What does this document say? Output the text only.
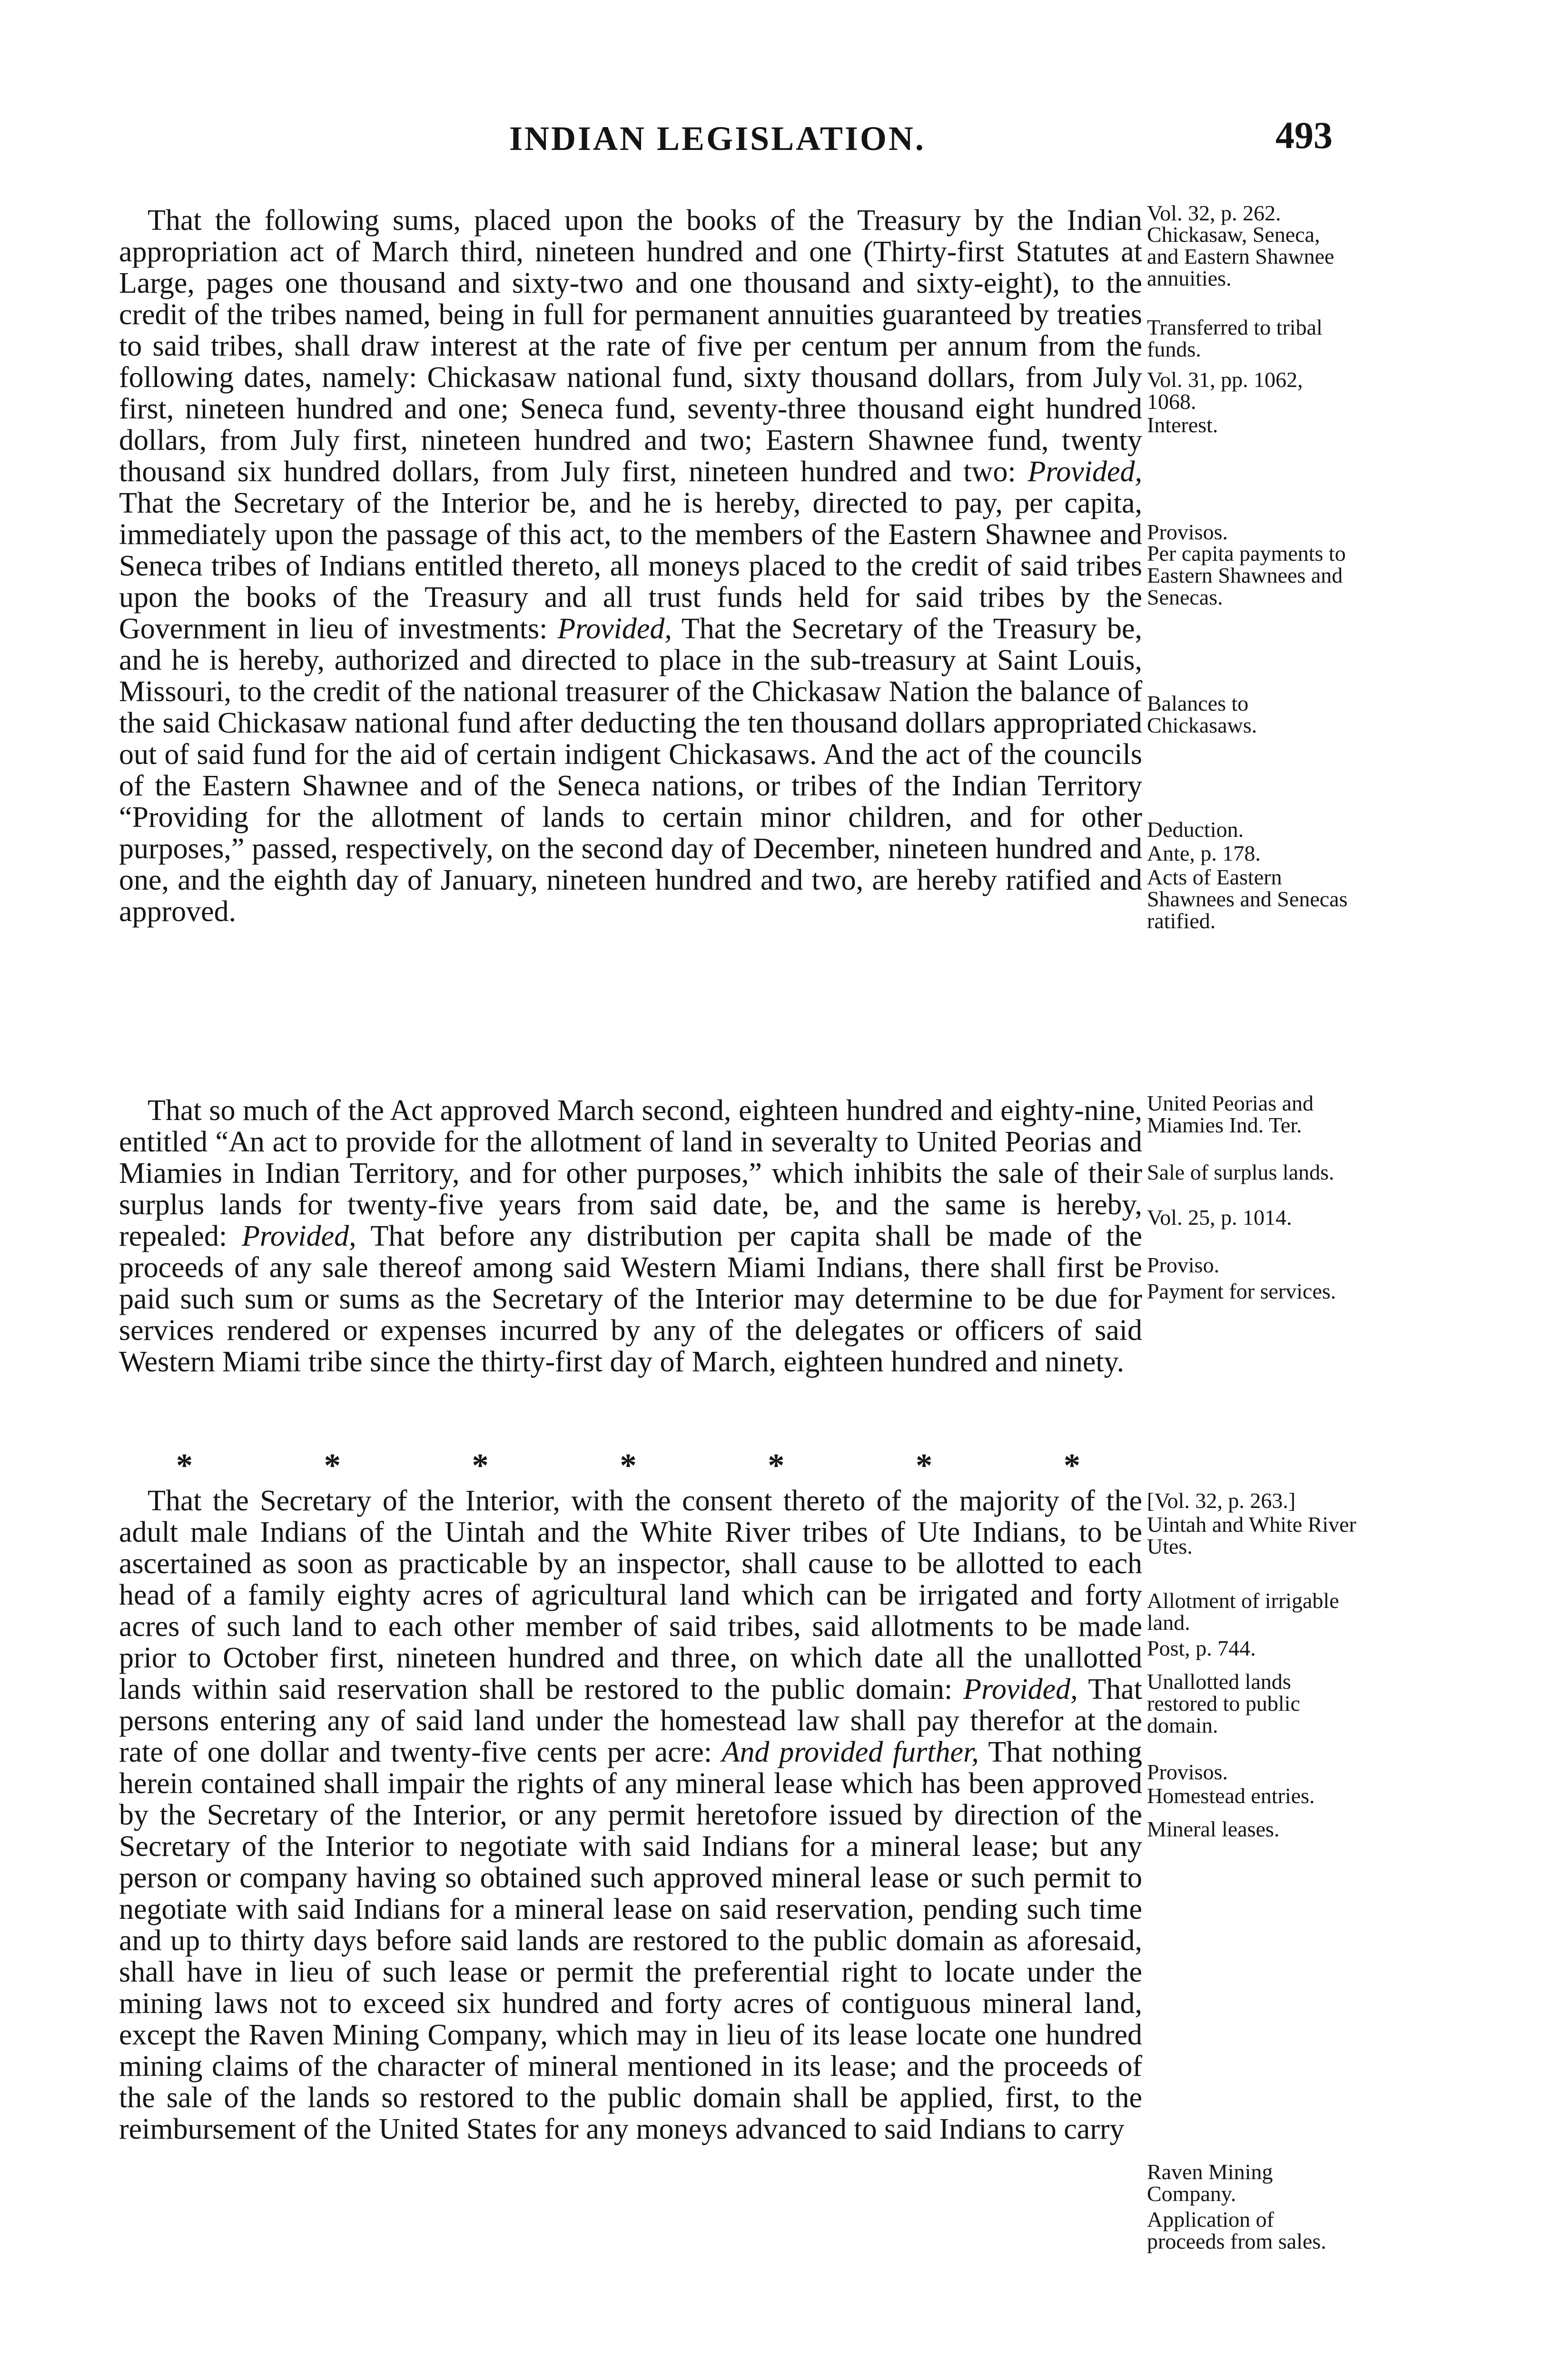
INDIAN LEGISLATION.	493

That the following sums, placed upon the books of the Treasury by the Indian appropriation act of March third, nineteen hundred and one (Thirty-first Statutes at Large, pages one thousand and sixty-two and one thousand and sixty-eight), to the credit of the tribes named, being in full for permanent annuities guaranteed by treaties to said tribes, shall draw interest at the rate of five per centum per annum from the following dates, namely: Chickasaw national fund, sixty thousand dollars, from July first, nineteen hundred and one; Seneca fund, seventy-three thousand eight hundred dollars, from July first, nineteen hundred and two; Eastern Shawnee fund, twenty thousand six hundred dollars, from July first, nineteen hundred and two: Provided, That the Secretary of the Interior be, and he is hereby, directed to pay, per capita, immediately upon the passage of this act, to the members of the Eastern Shawnee and Seneca tribes of Indians entitled thereto, all moneys placed to the credit of said tribes upon the books of the Treasury and all trust funds held for said tribes by the Government in lieu of investments: Provided, That the Secretary of the Treasury be, and he is hereby, authorized and directed to place in the sub-treasury at Saint Louis, Missouri, to the credit of the national treasurer of the Chickasaw Nation the balance of the said Chickasaw national fund after deducting the ten thousand dollars appropriated out of said fund for the aid of certain indigent Chickasaws. And the act of the councils of the Eastern Shawnee and of the Seneca nations, or tribes of the Indian Territory “Providing for the allotment of lands to certain minor children, and for other purposes,” passed, respectively, on the second day of December, nineteen hundred and one, and the eighth day of January, nineteen hundred and two, are hereby ratified and approved.

That so much of the Act approved March second, eighteen hundred and eighty-nine, entitled “An act to provide for the allotment of land in severalty to United Peorias and Miamies in Indian Territory, and for other purposes,” which inhibits the sale of their surplus lands for twenty-five years from said date, be, and the same is hereby, repealed: Provided, That before any distribution per capita shall be made of the proceeds of any sale thereof among said Western Miami Indians, there shall first be paid such sum or sums as the Secretary of the Interior may determine to be due for services rendered or expenses incurred by any of the delegates or officers of said Western Miami tribe since the thirty-first day of March, eighteen hundred and ninety.

*	*	*	*	*	*	*

That the Secretary of the Interior, with the consent thereto of the majority of the adult male Indians of the Uintah and the White River tribes of Ute Indians, to be ascertained as soon as practicable by an inspector, shall cause to be allotted to each head of a family eighty acres of agricultural land which can be irrigated and forty acres of such land to each other member of said tribes, said allotments to be made prior to October first, nineteen hundred and three, on which date all the unallotted lands within said reservation shall be restored to the public domain: Provided, That persons entering any of said land under the homestead law shall pay therefor at the rate of one dollar and twenty-five cents per acre: And provided further, That nothing herein contained shall impair the rights of any mineral lease which has been approved by the Secretary of the Interior, or any permit heretofore issued by direction of the Secretary of the Interior to negotiate with said Indians for a mineral lease; but any person or company having so obtained such approved mineral lease or such permit to negotiate with said Indians for a mineral lease on said reservation, pending such time and up to thirty days before said lands are restored to the public domain as aforesaid, shall have in lieu of such lease or permit the preferential right to locate under the mining laws not to exceed six hundred and forty acres of contiguous mineral land, except the Raven Mining Company, which may in lieu of its lease locate one hundred mining claims of the character of mineral mentioned in its lease; and the proceeds of the sale of the lands so restored to the public domain shall be applied, first, to the reimbursement of the United States for any moneys advanced to said Indians to carry

Vol. 32, p. 262.

Chickasaw, Seneca, and Eastern Shawnee annuities.

Transferred to tribal funds.

Vol. 31, pp. 1062, 1068.

Interest.

Provisos.

Per capita payments to Eastern Shawnees and Senecas.

Balances to Chickasaws.

Deduction.

Ante, p. 178.

Acts of Eastern Shawnees and Senecas ratified.

United Peorias and Miamies Ind. Ter.

Sale of surplus lands.

Vol. 25, p. 1014.

Proviso.

Payment for services.

[Vol. 32, p. 263.]

Uintah and White River Utes.

Allotment of irrigable land.

Post, p. 744.

Unallotted lands restored to public domain.

Provisos.

Homestead entries.

Mineral leases.

Raven Mining Company.

Application of proceeds from sales.
